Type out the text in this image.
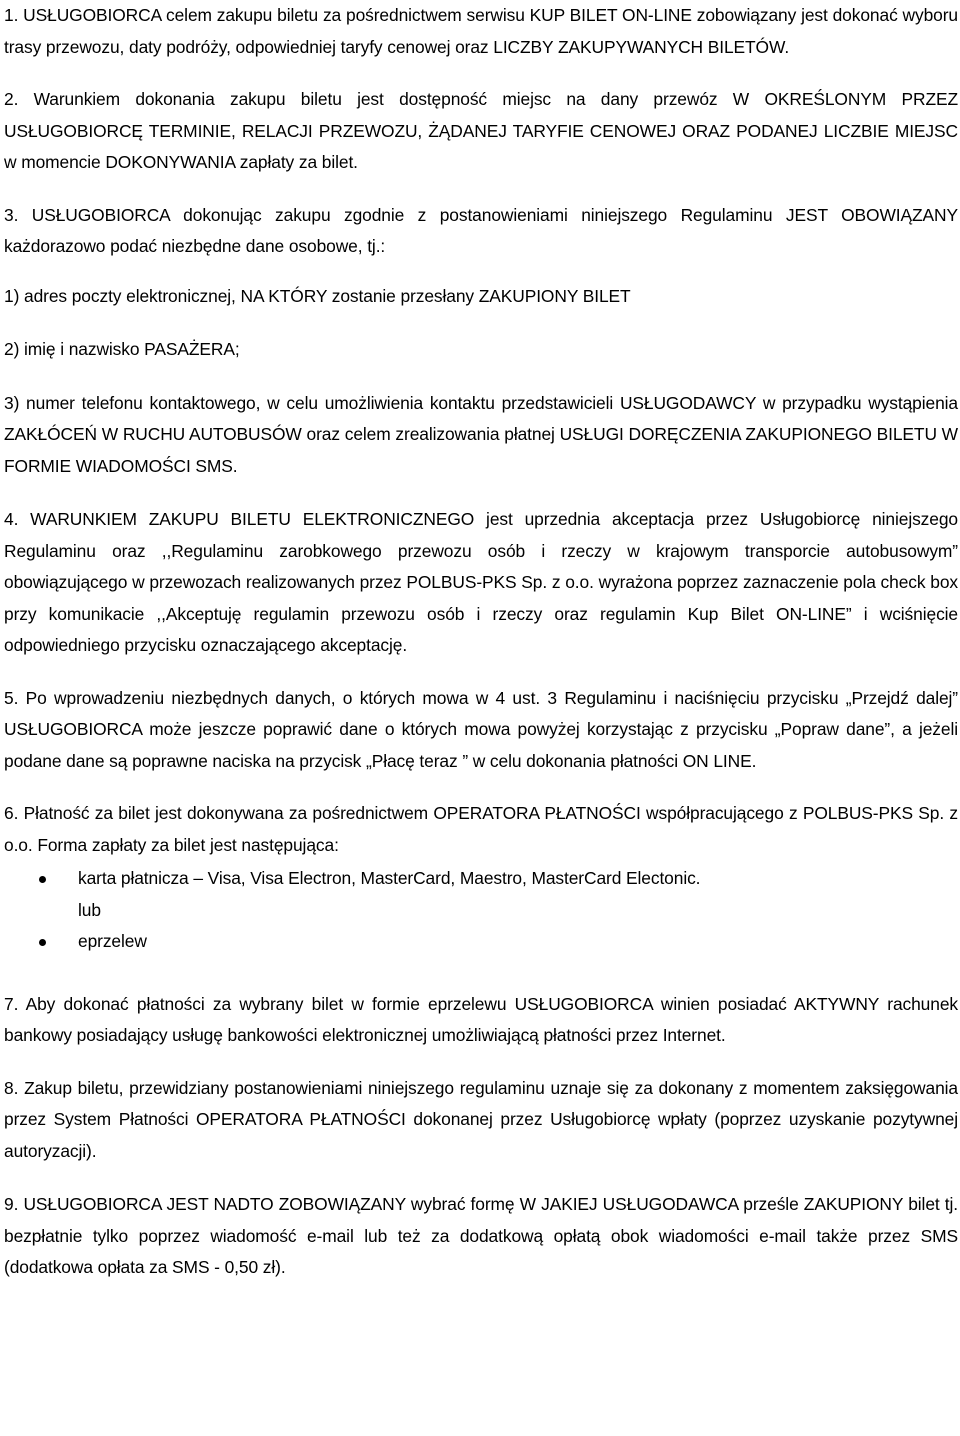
1. USŁUGOBIORCA celem zakupu biletu za pośrednictwem serwisu KUP BILET ON-LINE zobowiązany jest dokonać wyboru trasy przewozu, daty podróży, odpowiedniej taryfy cenowej oraz LICZBY ZAKUPYWANYCH BILETÓW.

2. Warunkiem dokonania zakupu biletu jest dostępność miejsc na dany przewóz W OKREŚLONYM PRZEZ USŁUGOBIORCĘ TERMINIE, RELACJI PRZEWOZU, ŻĄDANEJ TARYFIE CENOWEJ ORAZ PODANEJ LICZBIE MIEJSC w momencie DOKONYWANIA zapłaty za bilet.

3. USŁUGOBIORCA dokonując zakupu zgodnie z postanowieniami niniejszego Regulaminu JEST OBOWIĄZANY każdorazowo podać niezbędne dane osobowe, tj.:

1) adres poczty elektronicznej, NA KTÓRY zostanie przesłany ZAKUPIONY BILET

2) imię i nazwisko PASAŻERA;

3) numer telefonu kontaktowego, w celu umożliwienia kontaktu przedstawicieli USŁUGODAWCY w przypadku wystąpienia ZAKŁÓCEŃ W RUCHU AUTOBUSÓW oraz celem zrealizowania płatnej USŁUGI DORĘCZENIA ZAKUPIONEGO BILETU W FORMIE WIADOMOŚCI SMS.

4. WARUNKIEM ZAKUPU BILETU ELEKTRONICZNEGO jest uprzednia akceptacja przez Usługobiorcę niniejszego Regulaminu oraz ,,Regulaminu zarobkowego przewozu osób i rzeczy w krajowym transporcie autobusowym” obowiązującego w przewozach realizowanych przez POLBUS-PKS Sp. z o.o. wyrażona poprzez zaznaczenie pola check box przy komunikacie ,,Akceptuję regulamin przewozu osób i rzeczy oraz regulamin Kup Bilet ON-LINE” i wciśnięcie odpowiedniego przycisku oznaczającego akceptację.

5. Po wprowadzeniu niezbędnych danych, o których mowa w 4 ust. 3 Regulaminu i naciśnięciu przycisku „Przejdź dalej” USŁUGOBIORCA może jeszcze poprawić dane o których mowa powyżej korzystając z przycisku „Popraw dane”, a jeżeli podane dane są poprawne naciska na przycisk „Płacę teraz ” w celu dokonania płatności ON LINE.

6. Płatność za bilet jest dokonywana za pośrednictwem OPERATORA PŁATNOŚCI współpracującego z POLBUS-PKS Sp. z o.o. Forma zapłaty za bilet jest następująca:

karta płatnicza – Visa, Visa Electron, MasterCard, Maestro, MasterCard Electonic.
lub
eprzelew

7. Aby dokonać płatności za wybrany bilet w formie eprzelewu USŁUGOBIORCA winien posiadać AKTYWNY rachunek bankowy posiadający usługę bankowości elektronicznej umożliwiającą płatności przez Internet.

8. Zakup biletu, przewidziany postanowieniami niniejszego regulaminu uznaje się za dokonany z momentem zaksięgowania przez System Płatności OPERATORA PŁATNOŚCI dokonanej przez Usługobiorcę wpłaty (poprzez uzyskanie pozytywnej autoryzacji).

9. USŁUGOBIORCA JEST NADTO ZOBOWIĄZANY wybrać formę W JAKIEJ USŁUGODAWCA prześle ZAKUPIONY bilet tj. bezpłatnie tylko poprzez wiadomość e-mail lub też za dodatkową opłatą obok wiadomości e-mail także przez SMS (dodatkowa opłata za SMS - 0,50 zł).
